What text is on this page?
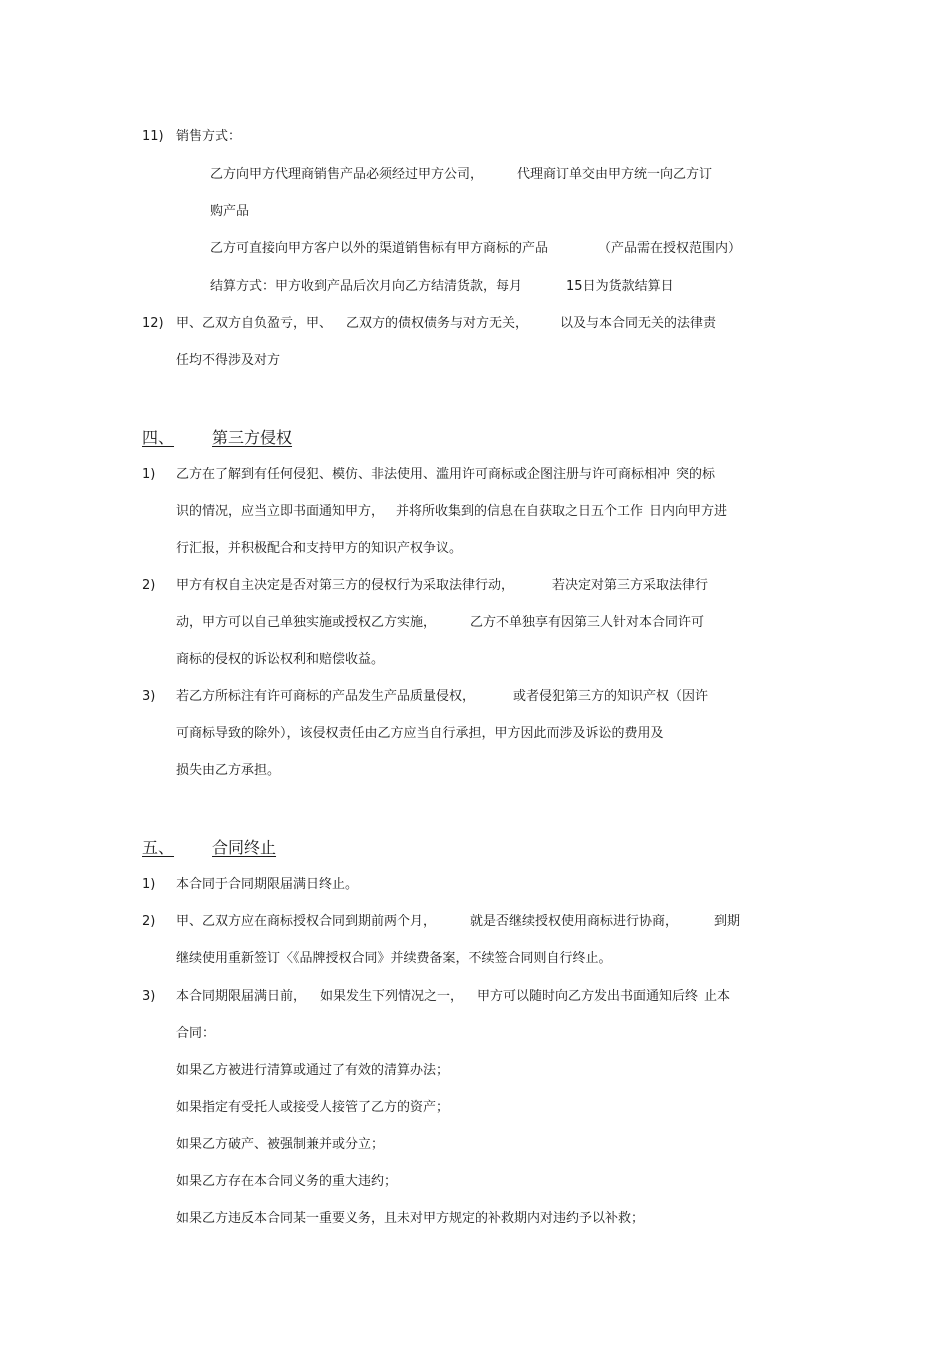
11) 销售方式：
乙方向甲方代理商销售产品必须经过甲方公司，	代理商订单交由甲方统一向乙方订
购产品
乙方可直接向甲方客户以外的渠道销售标有甲方商标的产品	（产品需在授权范围内）
结算方式：甲方收到产品后次月向乙方结清货款，每月	15日为货款结算日
12) 甲、乙双方自负盈亏，甲、 乙双方的债权债务与对方无关， 以及与本合同无关的法律责
任均不得涉及对方
四、 第三方侵权
1) 乙方在了解到有任何侵犯、模仿、非法使用、滥用许可商标或企图注册与许可商标相冲 突的标
识的情况，应当立即书面通知甲方， 并将所收集到的信息在自获取之日五个工作 日内向甲方进
行汇报，并积极配合和支持甲方的知识产权争议。
2) 甲方有权自主决定是否对第三方的侵权行为采取法律行动，	若决定对第三方采取法律行
动，甲方可以自己单独实施或授权乙方实施，	乙方不单独享有因第三人针对本合同许可
商标的侵权的诉讼权利和赔偿收益。
3) 若乙方所标注有许可商标的产品发生产品质量侵权，	或者侵犯第三方的知识产权（因许
可商标导致的除外），该侵权责任由乙方应当自行承担，甲方因此而涉及诉讼的费用及
损失由乙方承担。
五、 合同终止
1) 本合同于合同期限届满日终止。
2) 甲、乙双方应在商标授权合同到期前两个月，	就是否继续授权使用商标进行协商，	到期
继续使用重新签订〈《品牌授权合同》并续费备案，不续签合同则自行终止。
3) 本合同期限届满日前， 如果发生下列情况之一， 甲方可以随时向乙方发出书面通知后终 止本
合同：
如果乙方被进行清算或通过了有效的清算办法；
如果指定有受托人或接受人接管了乙方的资产；
如果乙方破产、被强制兼并或分立；
如果乙方存在本合同义务的重大违约；
如果乙方违反本合同某一重要义务，且未对甲方规定的补救期内对违约予以补救；
